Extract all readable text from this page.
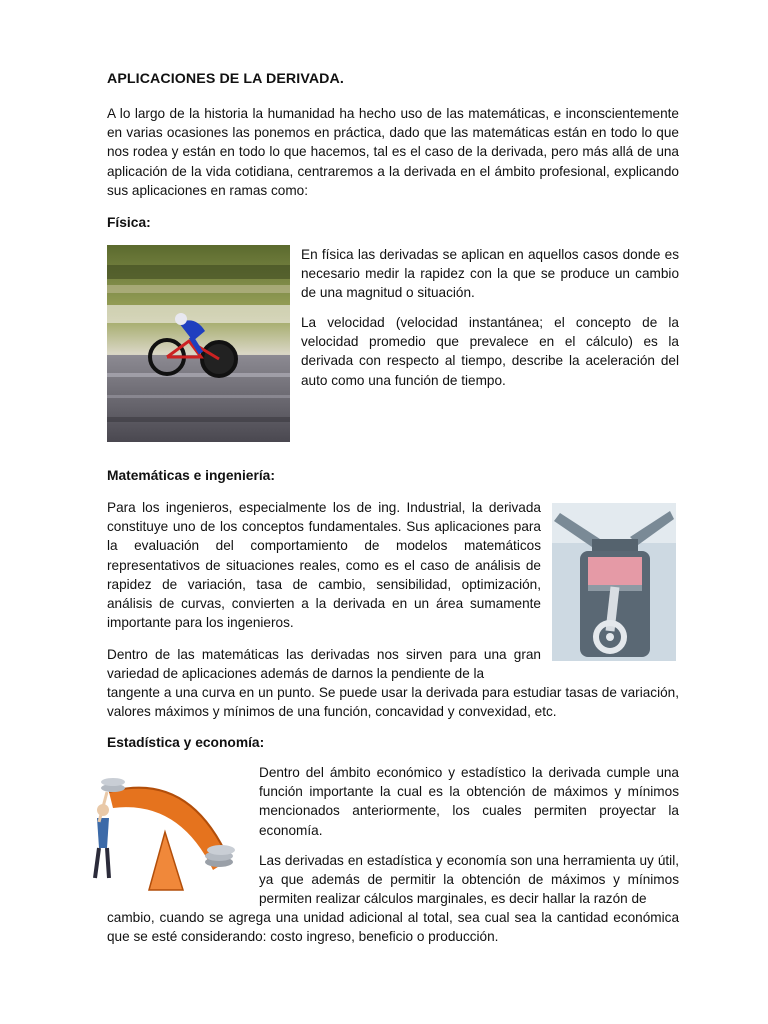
APLICACIONES DE LA DERIVADA.

A lo largo de la historia la humanidad ha hecho uso de las matemáticas, e inconscientemente en varias ocasiones las ponemos en práctica, dado que las matemáticas están en todo lo que nos rodea y están en todo lo que hacemos, tal es el caso de la derivada, pero más allá de una aplicación de la vida cotidiana, centraremos a la derivada en el ámbito profesional, explicando sus aplicaciones en ramas como:

Física:

En física las derivadas se aplican en aquellos casos donde es necesario medir la rapidez con la que se produce un cambio de una magnitud o situación.

La velocidad (velocidad instantánea; el concepto de la velocidad promedio que prevalece en el cálculo) es la derivada con respecto al tiempo, describe la aceleración del auto como una función de tiempo.

Matemáticas e ingeniería:

Para los ingenieros, especialmente los de ing. Industrial, la derivada constituye uno de los conceptos fundamentales. Sus aplicaciones para la evaluación del comportamiento de modelos matemáticos representativos de situaciones reales, como es el caso de análisis de rapidez de variación, tasa de cambio, sensibilidad, optimización, análisis de curvas, convierten a la derivada en un área sumamente importante para los ingenieros.

Dentro de las matemáticas las derivadas nos sirven para una gran variedad de aplicaciones además de darnos la pendiente de la

tangente a una curva en un punto. Se puede usar la derivada para estudiar tasas de variación, valores máximos y mínimos de una función, concavidad y convexidad, etc.

Estadística y economía:

Dentro del ámbito económico y estadístico la derivada cumple una función importante la cual es la obtención de máximos y mínimos mencionados anteriormente, los cuales permiten proyectar la economía.

Las derivadas en estadística y economía son una herramienta uy útil, ya que además de permitir la obtención de máximos y mínimos permiten realizar cálculos marginales, es decir hallar la razón de

cambio, cuando se agrega una unidad adicional al total, sea cual sea la cantidad económica que se esté considerando: costo ingreso, beneficio o producción.
